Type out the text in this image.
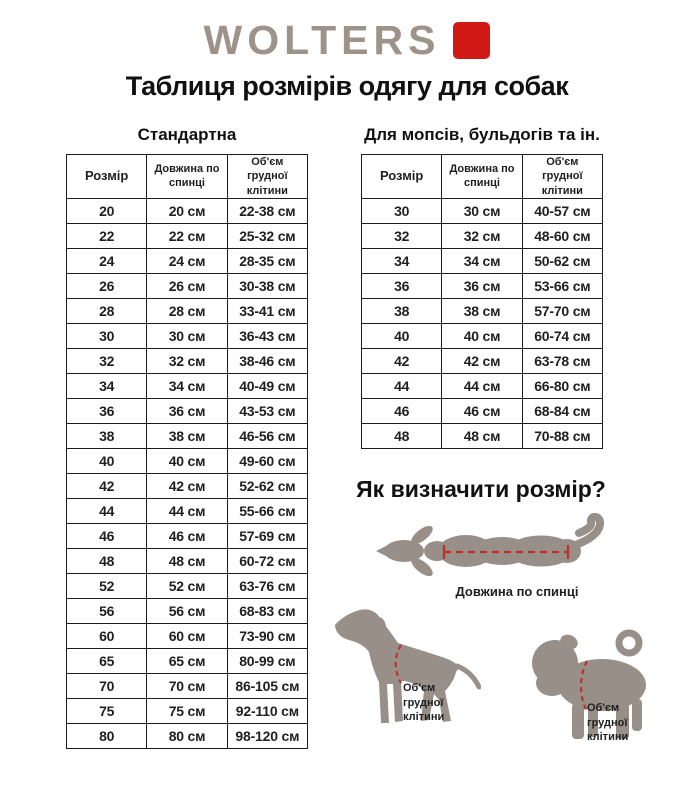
WOLTERS
Таблиця розмірів одягу для собак
Стандартна
Розмір	Довжина по спинці	Об'єм грудної клітини
20	20 см	22-38 см
22	22 см	25-32 см
24	24 см	28-35 см
26	26 см	30-38 см
28	28 см	33-41 см
30	30 см	36-43 см
32	32 см	38-46 см
34	34 см	40-49 см
36	36 см	43-53 см
38	38 см	46-56 см
40	40 см	49-60 см
42	42 см	52-62 см
44	44 см	55-66 см
46	46 см	57-69 см
48	48 см	60-72 см
52	52 см	63-76 см
56	56 см	68-83 см
60	60 см	73-90 см
65	65 см	80-99 см
70	70 см	86-105 см
75	75 см	92-110 см
80	80 см	98-120 см
Для мопсів, бульдогів та ін.
Розмір	Довжина по спинці	Об'єм грудної клітини
30	30 см	40-57 см
32	32 см	48-60 см
34	34 см	50-62 см
36	36 см	53-66 см
38	38 см	57-70 см
40	40 см	60-74 см
42	42 см	63-78 см
44	44 см	66-80 см
46	46 см	68-84 см
48	48 см	70-88 см
Як визначити розмір?
Довжина по спинці
Об'єм грудної клітини
Об'єм грудної клітини
